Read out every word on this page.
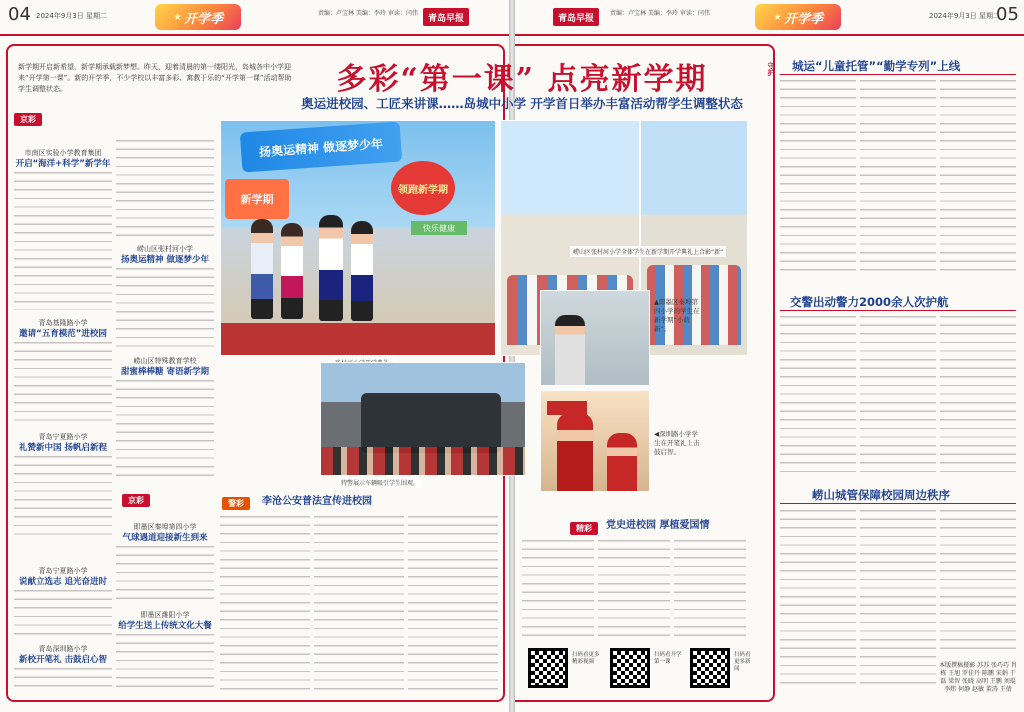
04 2024年9月3日 星期二	★ 开学季	责编：卢宝林 美编：李玲 审读：闫伟	青岛早报	青岛早报	责编：卢宝林 美编：李玲 审读：闫伟	★ 开学季	2024年9月3日 星期二
05
多彩“第一课” 点亮新学期
奥运进校园、工匠来讲课……岛城中小学 开学首日举办丰富活动帮学生调整状态
新学期开启新希望，新学期承载新梦想。昨天，迎着清晨的第一缕阳光，岛城各中小学迎来“开学第一课”。新的开学季，不少学校以丰富多彩、寓教于乐的“开学第一课”活动帮助学生调整状态。
京彩
市南区实验小学教育集团
开启“海洋+科学”新学年
青岛基隆路小学
邀请“五育模范”进校园
青岛宁夏路小学
礼赞新中国 扬帆启新程
青岛宁夏路小学
说献立选志 追光奋进时
青岛深圳路小学
新校开笔礼 击鼓启心智
崂山区张村河小学
扬奥运精神 做逐梦少年
崂山区特殊教育学校
甜蜜棒棒糖 寄语新学期
京彩
即墨区秦埠第四小学
气球遇道迎接新生到来
即墨区潍阳小学
给学生送上传统文化大餐
扬奥运精神 做逐梦少年
新学期
领跑新学期
快乐健康
崂山区张村河小学全体学生在新学期开学典礼上合影“新”
特警展示车辆吸引学生围观。
▲即墨区秦埠第四小学的学生在新学期“小萌新”。
◀深圳路小学学生在开笔礼上击鼓启智。
警彩	李沧公安普法宣传进校园
精彩	党史进校园 厚植爱国情
扫码看更多精彩视频
扫码看开学第一课
扫码看更多新闻
守护 城运“儿童托管”“勤学专列”上线
交警出动警力2000余人次护航
崂山城管保障校园周边秩序
本版撰稿摄影 苏苏 张巧巧 肖栋 王旭 罗佳丹 陈鹏 宋娟 于磊 梁智 张晓 高明 王鹏 刘琨 李炜 何静 赵敏 董涛 王倩
